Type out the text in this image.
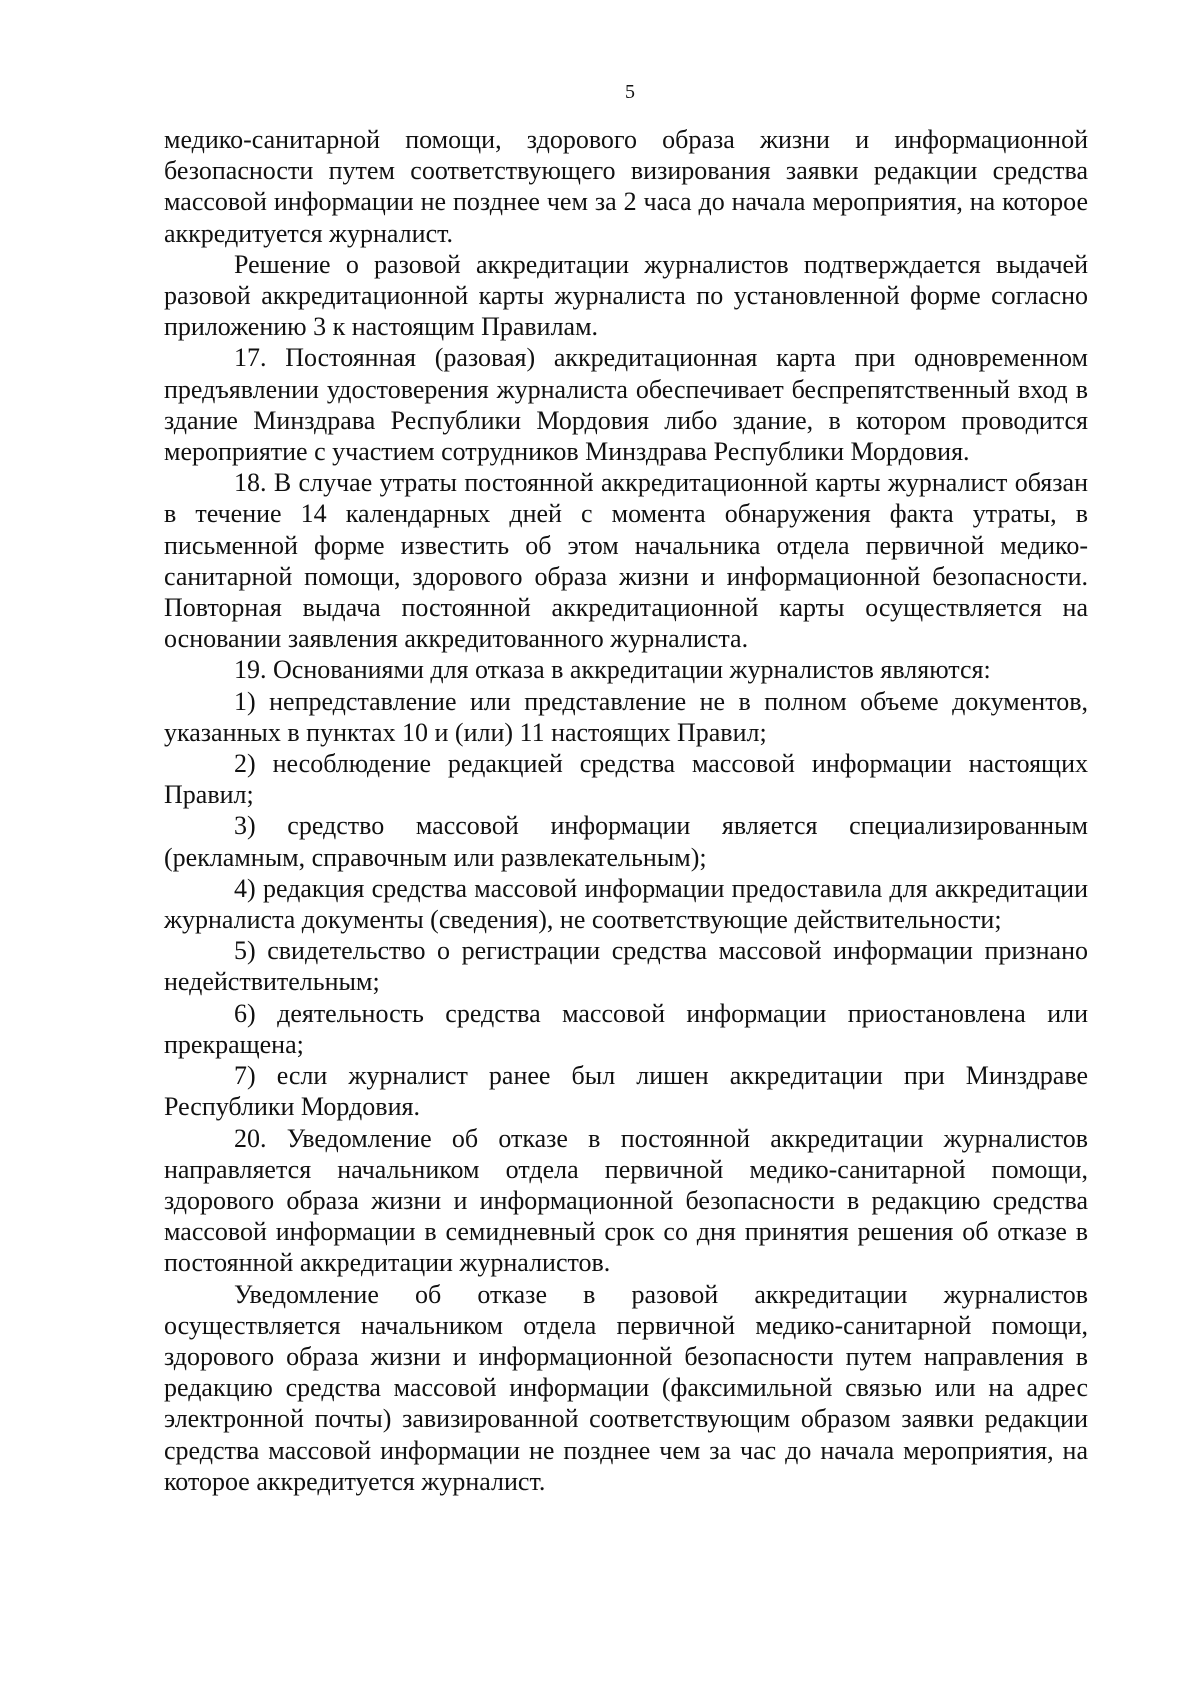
5

медико-санитарной помощи, здорового образа жизни и информационной безопасности путем соответствующего визирования заявки редакции средства массовой информации не позднее чем за 2 часа до начала мероприятия, на которое аккредитуется журналист.

Решение о разовой аккредитации журналистов подтверждается выдачей разовой аккредитационной карты журналиста по установленной форме согласно приложению 3 к настоящим Правилам.

17. Постоянная (разовая) аккредитационная карта при одновременном предъявлении удостоверения журналиста обеспечивает беспрепятственный вход в здание Минздрава Республики Мордовия либо здание, в котором проводится мероприятие с участием сотрудников Минздрава Республики Мордовия.

18. В случае утраты постоянной аккредитационной карты журналист обязан в течение 14 календарных дней с момента обнаружения факта утраты, в письменной форме известить об этом начальника отдела первичной медико-санитарной помощи, здорового образа жизни и информационной безопасности. Повторная выдача постоянной аккредитационной карты осуществляется на основании заявления аккредитованного журналиста.

19. Основаниями для отказа в аккредитации журналистов являются:

1) непредставление или представление не в полном объеме документов, указанных в пунктах 10 и (или) 11 настоящих Правил;

2) несоблюдение редакцией средства массовой информации настоящих Правил;

3) средство массовой информации является специализированным (рекламным, справочным или развлекательным);

4) редакция средства массовой информации предоставила для аккредитации журналиста документы (сведения), не соответствующие действительности;

5) свидетельство о регистрации средства массовой информации признано недействительным;

6) деятельность средства массовой информации приостановлена или прекращена;

7) если журналист ранее был лишен аккредитации при Минздраве Республики Мордовия.

20. Уведомление об отказе в постоянной аккредитации журналистов направляется начальником отдела первичной медико-санитарной помощи, здорового образа жизни и информационной безопасности в редакцию средства массовой информации в семидневный срок со дня принятия решения об отказе в постоянной аккредитации журналистов.

Уведомление об отказе в разовой аккредитации журналистов осуществляется начальником отдела первичной медико-санитарной помощи, здорового образа жизни и информационной безопасности путем направления в редакцию средства массовой информации (факсимильной связью или на адрес электронной почты) завизированной соответствующим образом заявки редакции средства массовой информации не позднее чем за час до начала мероприятия, на которое аккредитуется журналист.
